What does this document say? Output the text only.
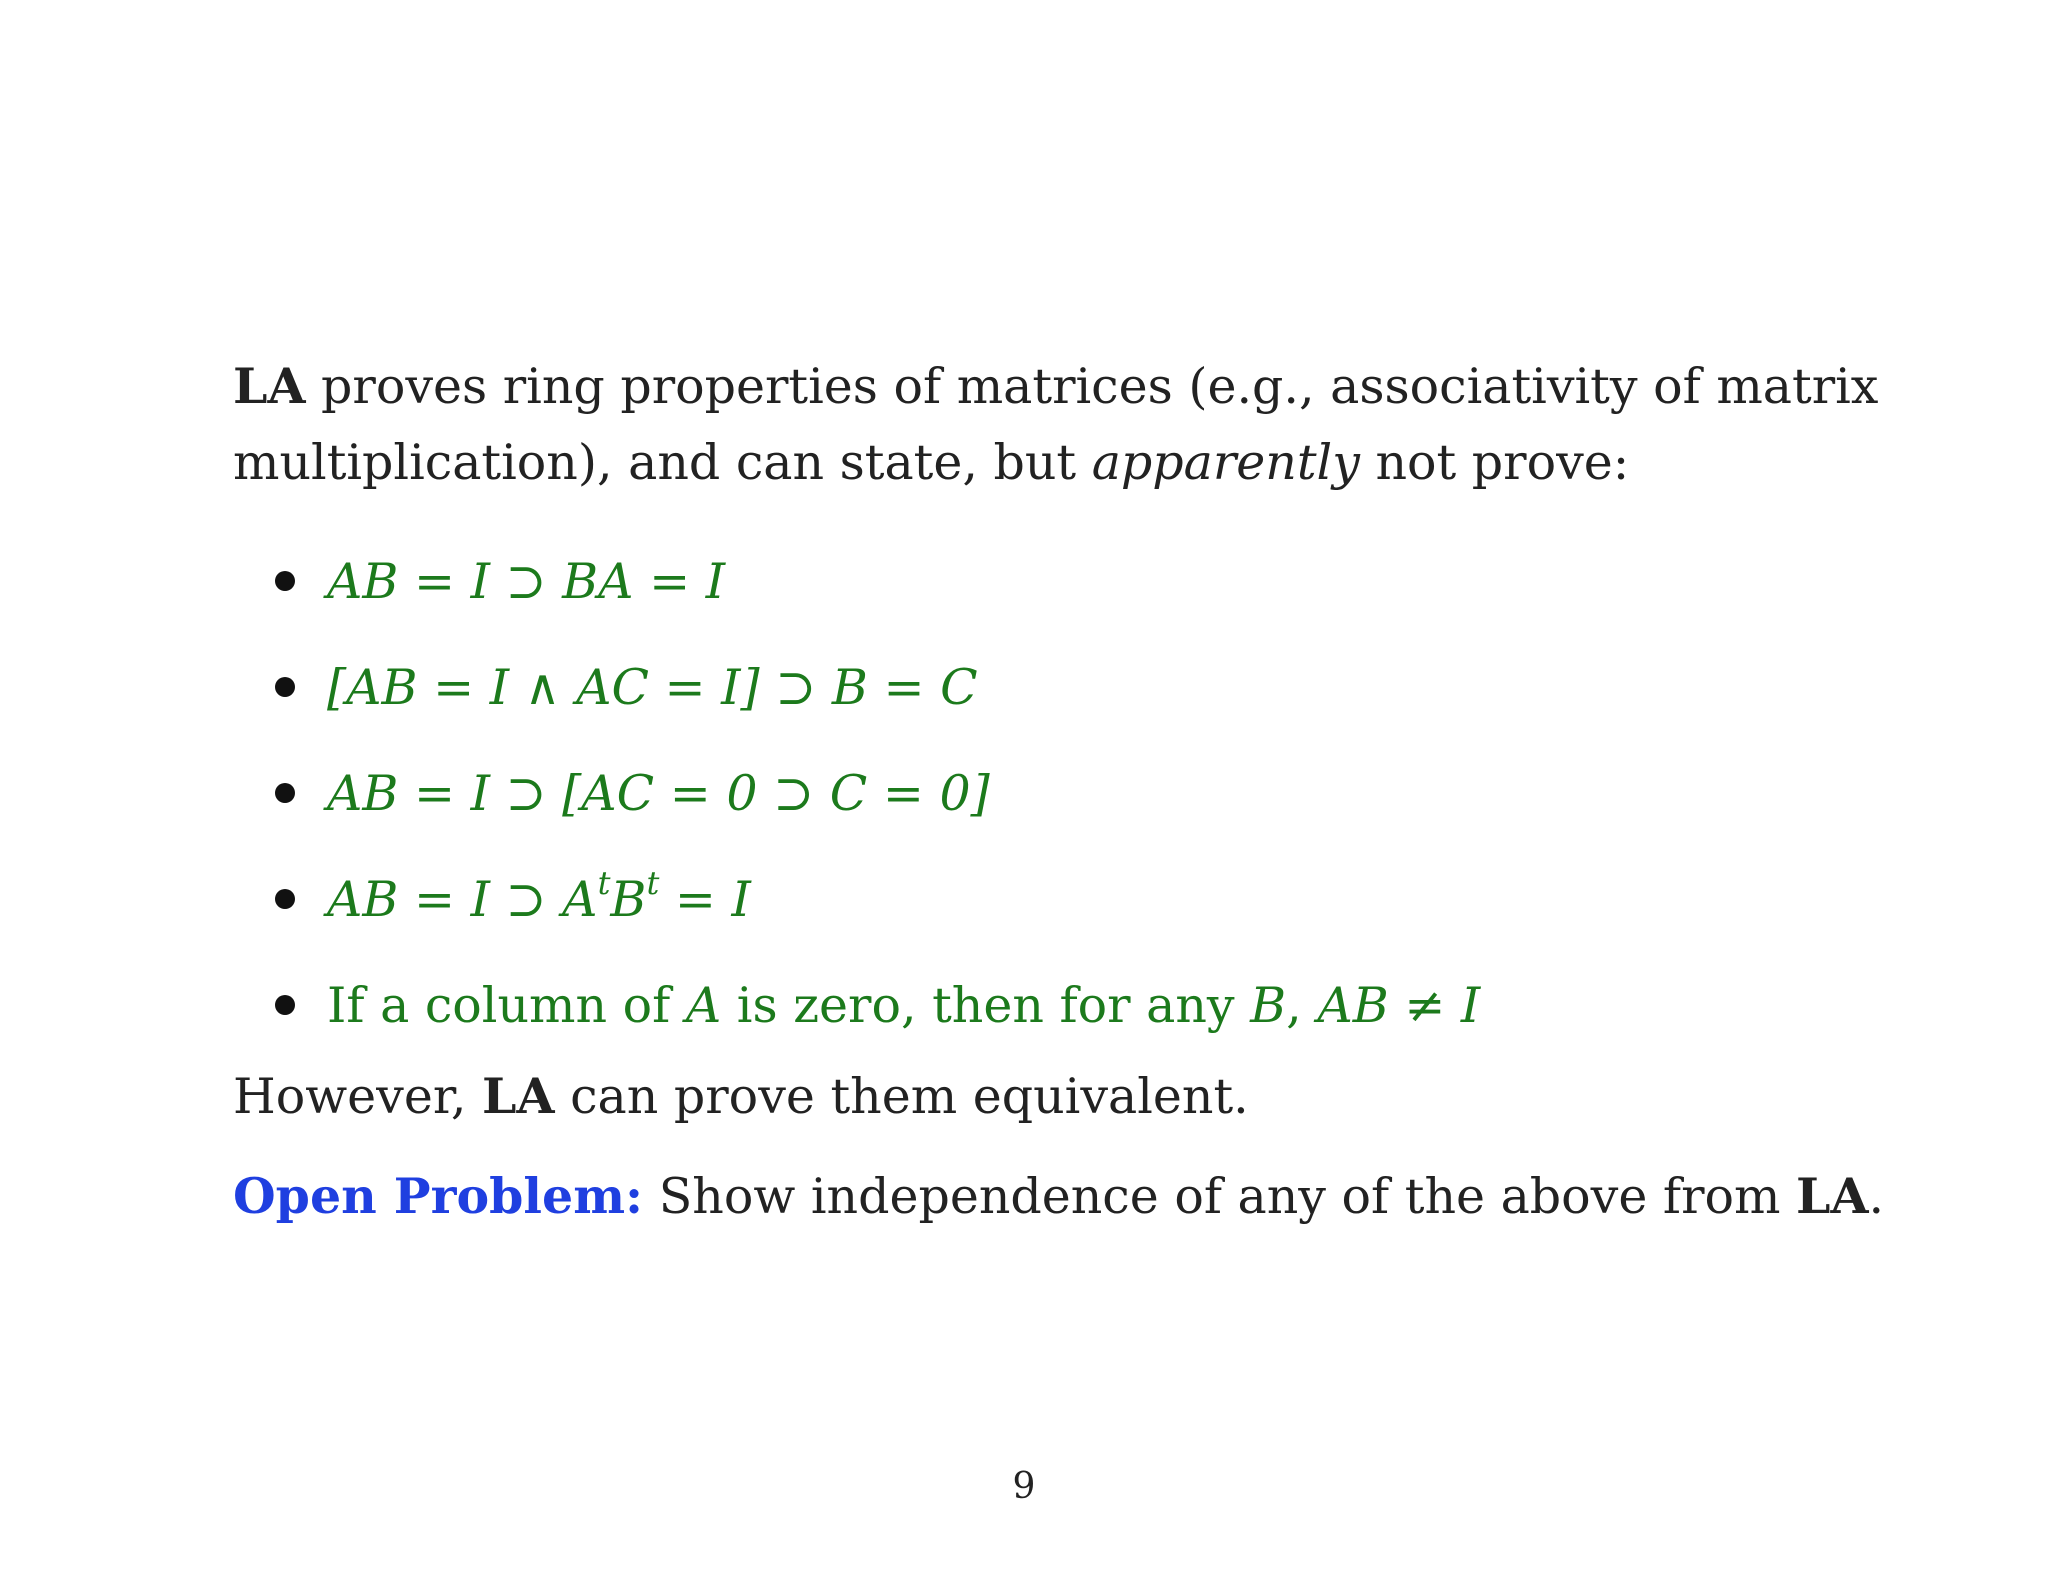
LA proves ring properties of matrices (e.g., associativity of matrix
multiplication), and can state, but apparently not prove:
AB = I ⊃ BA = I
[AB = I ∧ AC = I] ⊃ B = C
AB = I ⊃ [AC = 0 ⊃ C = 0]
AB = I ⊃ $A^tB^t = I$
If a column of A is zero, then for any B, AB ≠ I
However, LA can prove them equivalent.
Open Problem: Show independence of any of the above from LA.
9
